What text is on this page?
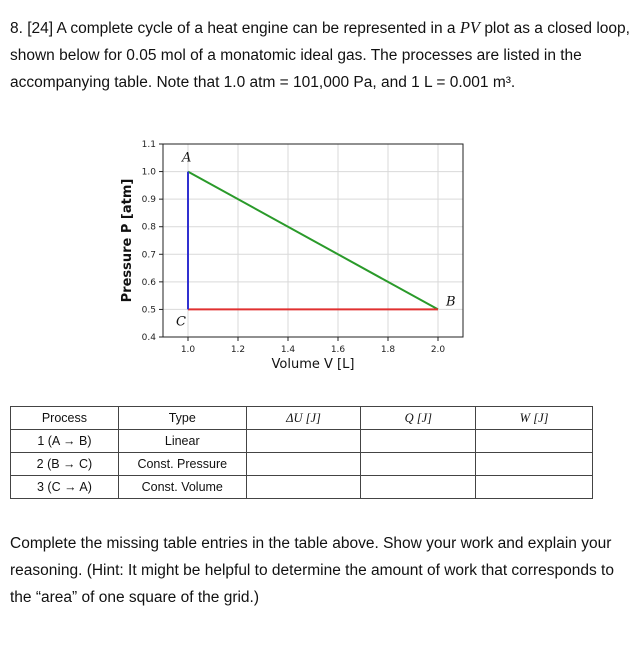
8. [24] A complete cycle of a heat engine can be represented in a PV plot as a closed loop, shown below for 0.05 mol of a monatomic ideal gas. The processes are listed in the accompanying table. Note that 1.0 atm = 101,000 Pa, and 1 L = 0.001 m³.
1.0	1.2	1.4	1.6	1.8	2.0
0.4
0.5
0.6
0.7
0.8
0.9
1.0
1.1
A
B
C
Volume V [L]
Pressure P [atm]
Process	Type	ΔU [J]	Q [J]	W [J]
1 (A → B)	Linear			
2 (B → C)	Const. Pressure			
3 (C → A)	Const. Volume			
Complete the missing table entries in the table above. Show your work and explain your reasoning. (Hint: It might be helpful to determine the amount of work that corresponds to the “area” of one square of the grid.)
